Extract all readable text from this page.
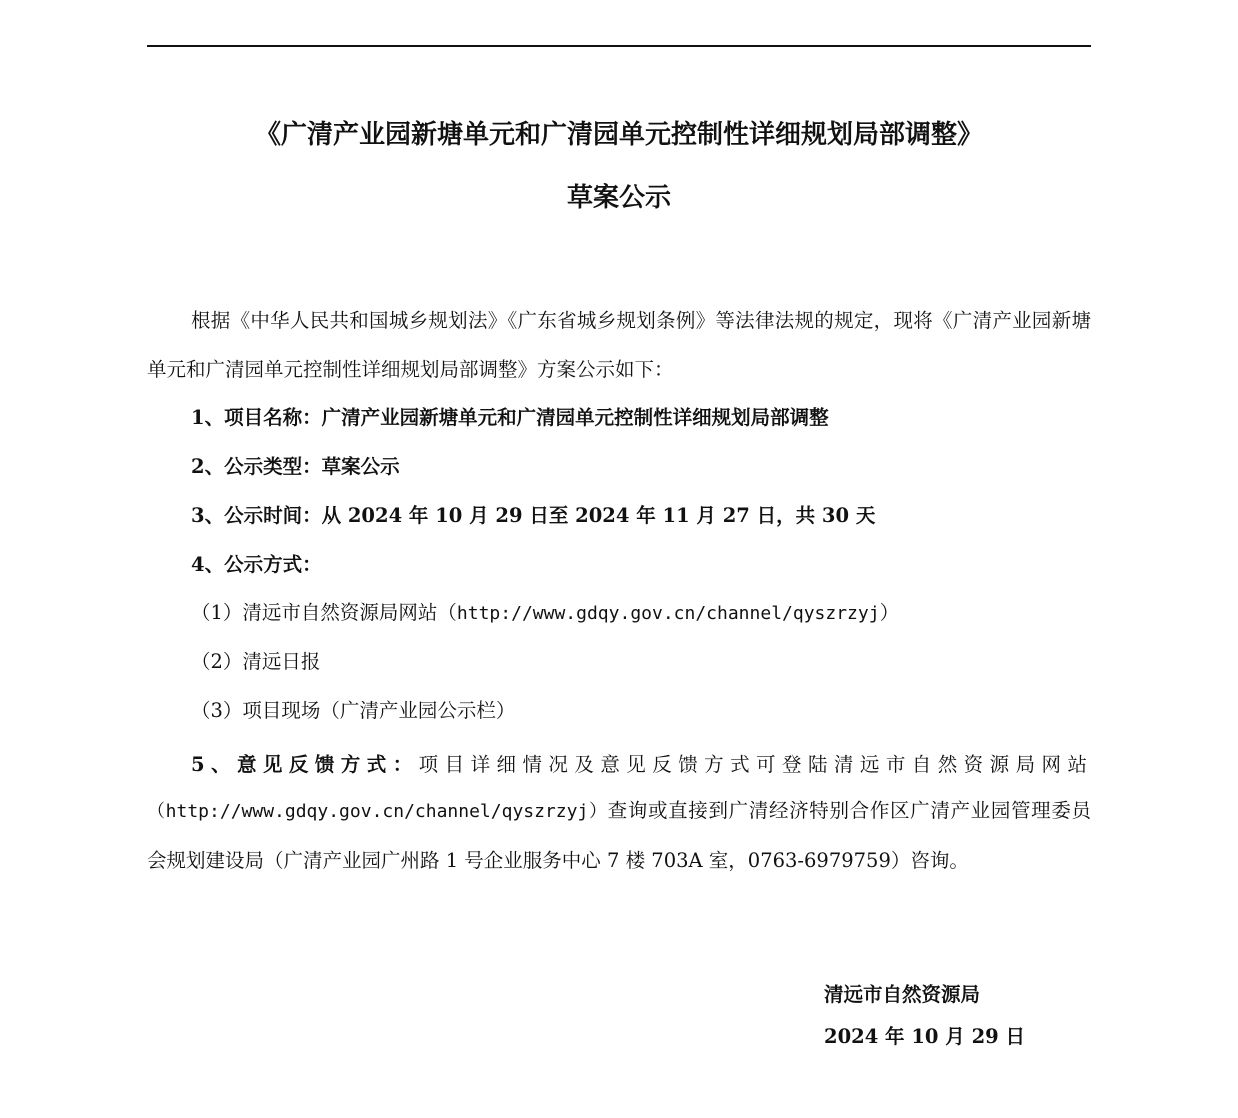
《广清产业园新塘单元和广清园单元控制性详细规划局部调整》
草案公示
根据《中华人民共和国城乡规划法》《广东省城乡规划条例》等法律法规的规定，现将《广清产业园新塘单元和广清园单元控制性详细规划局部调整》方案公示如下：
1、项目名称：广清产业园新塘单元和广清园单元控制性详细规划局部调整
2、公示类型：草案公示
3、公示时间：从 2024 年 10 月 29 日至 2024 年 11 月 27 日，共 30 天
4、公示方式：
（1）清远市自然资源局网站（http://www.gdqy.gov.cn/channel/qyszrzyj）
（2）清远日报
（3）项目现场（广清产业园公示栏）
5、意见反馈方式：项目详细情况及意见反馈方式可登陆清远市自然资源局网站
（http://www.gdqy.gov.cn/channel/qyszrzyj）查询或直接到广清经济特别合作区广清产业园管理委员会规划建设局（广清产业园广州路 1 号企业服务中心 7 楼 703A 室，0763-6979759）咨询。
清远市自然资源局
2024 年 10 月 29 日
